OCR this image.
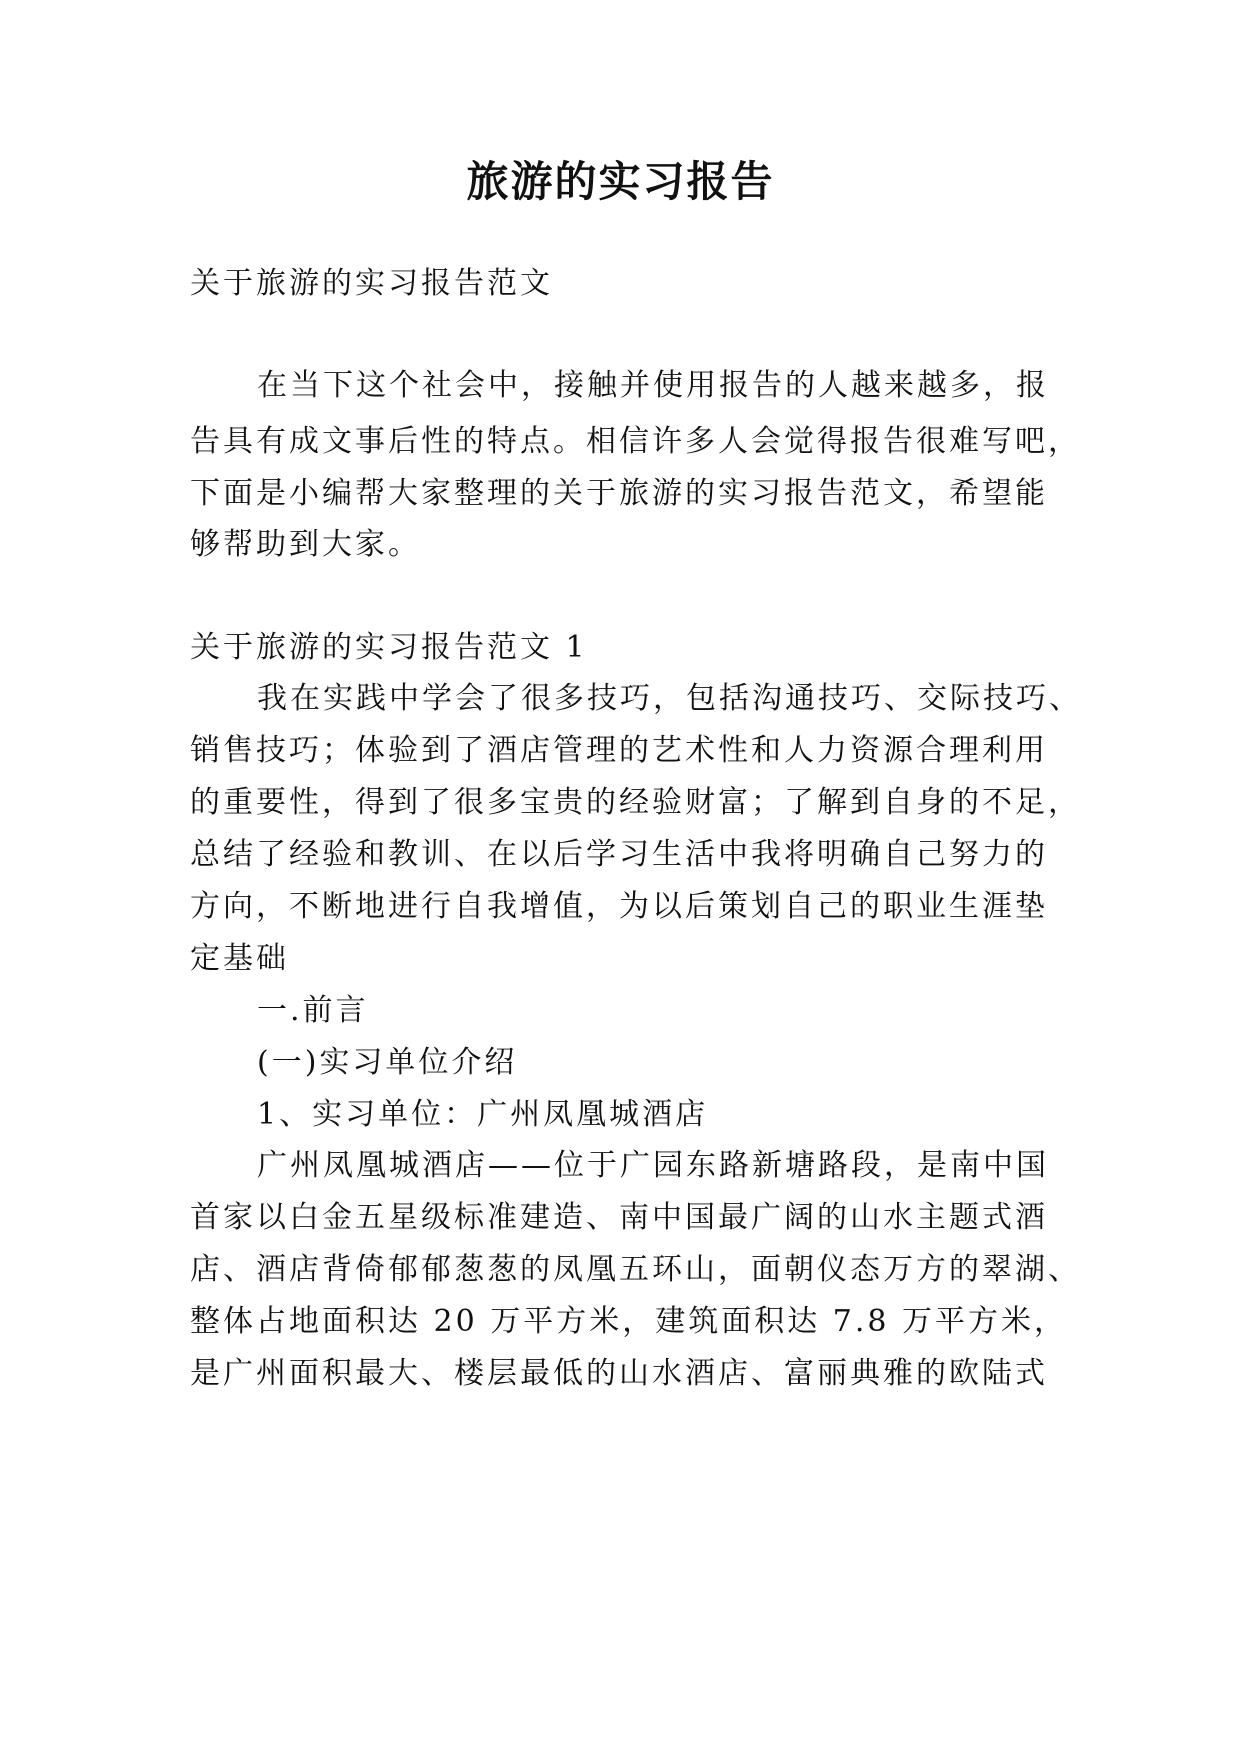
旅游的实习报告
关于旅游的实习报告范文
在当下这个社会中，接触并使用报告的人越来越多，报
告具有成文事后性的特点。相信许多人会觉得报告很难写吧，
下面是小编帮大家整理的关于旅游的实习报告范文，希望能
够帮助到大家。
关于旅游的实习报告范文 1
我在实践中学会了很多技巧，包括沟通技巧、交际技巧、
销售技巧；体验到了酒店管理的艺术性和人力资源合理利用
的重要性，得到了很多宝贵的经验财富；了解到自身的不足，
总结了经验和教训、在以后学习生活中我将明确自己努力的
方向，不断地进行自我增值，为以后策划自己的职业生涯垫
定基础
一.前言
(一)实习单位介绍
1、实习单位：广州凤凰城酒店
广州凤凰城酒店——位于广园东路新塘路段，是南中国
首家以白金五星级标准建造、南中国最广阔的山水主题式酒
店、酒店背倚郁郁葱葱的凤凰五环山，面朝仪态万方的翠湖、
整体占地面积达 20 万平方米，建筑面积达 7.8 万平方米，
是广州面积最大、楼层最低的山水酒店、富丽典雅的欧陆式
